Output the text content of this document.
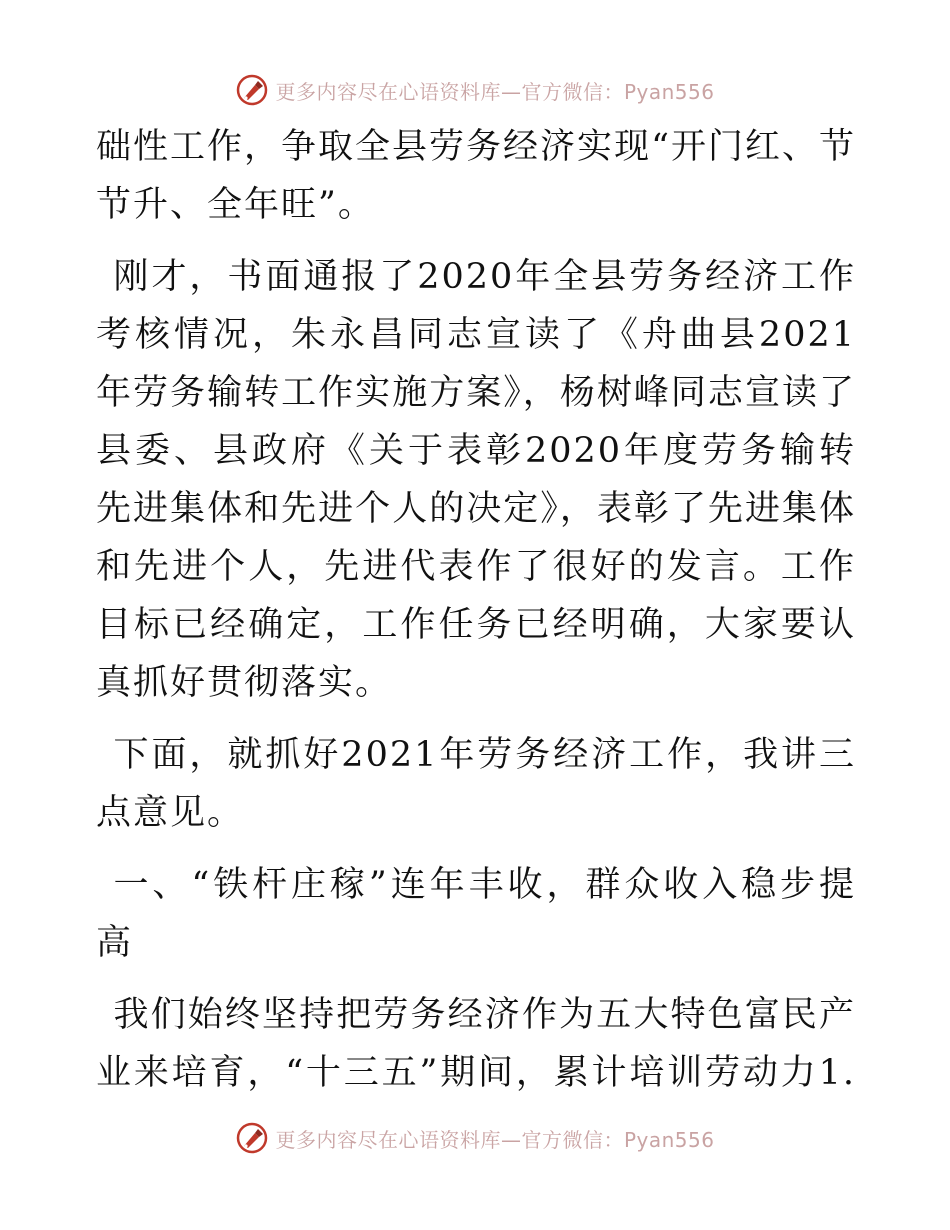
更多内容尽在心语资料库—官方微信：Pyan556

础性工作，争取全县劳务经济实现“开门红、节节升、全年旺”。

刚才，书面通报了2020年全县劳务经济工作考核情况，朱永昌同志宣读了《舟曲县2021年劳务输转工作实施方案》，杨树峰同志宣读了县委、县政府《关于表彰2020年度劳务输转先进集体和先进个人的决定》，表彰了先进集体和先进个人，先进代表作了很好的发言。工作目标已经确定，工作任务已经明确，大家要认真抓好贯彻落实。

下面，就抓好2021年劳务经济工作，我讲三点意见。

一、“铁杆庄稼”连年丰收，群众收入稳步提高

我们始终坚持把劳务经济作为五大特色富民产业来培育，“十三五”期间，累计培训劳动力1.

更多内容尽在心语资料库—官方微信：Pyan556
